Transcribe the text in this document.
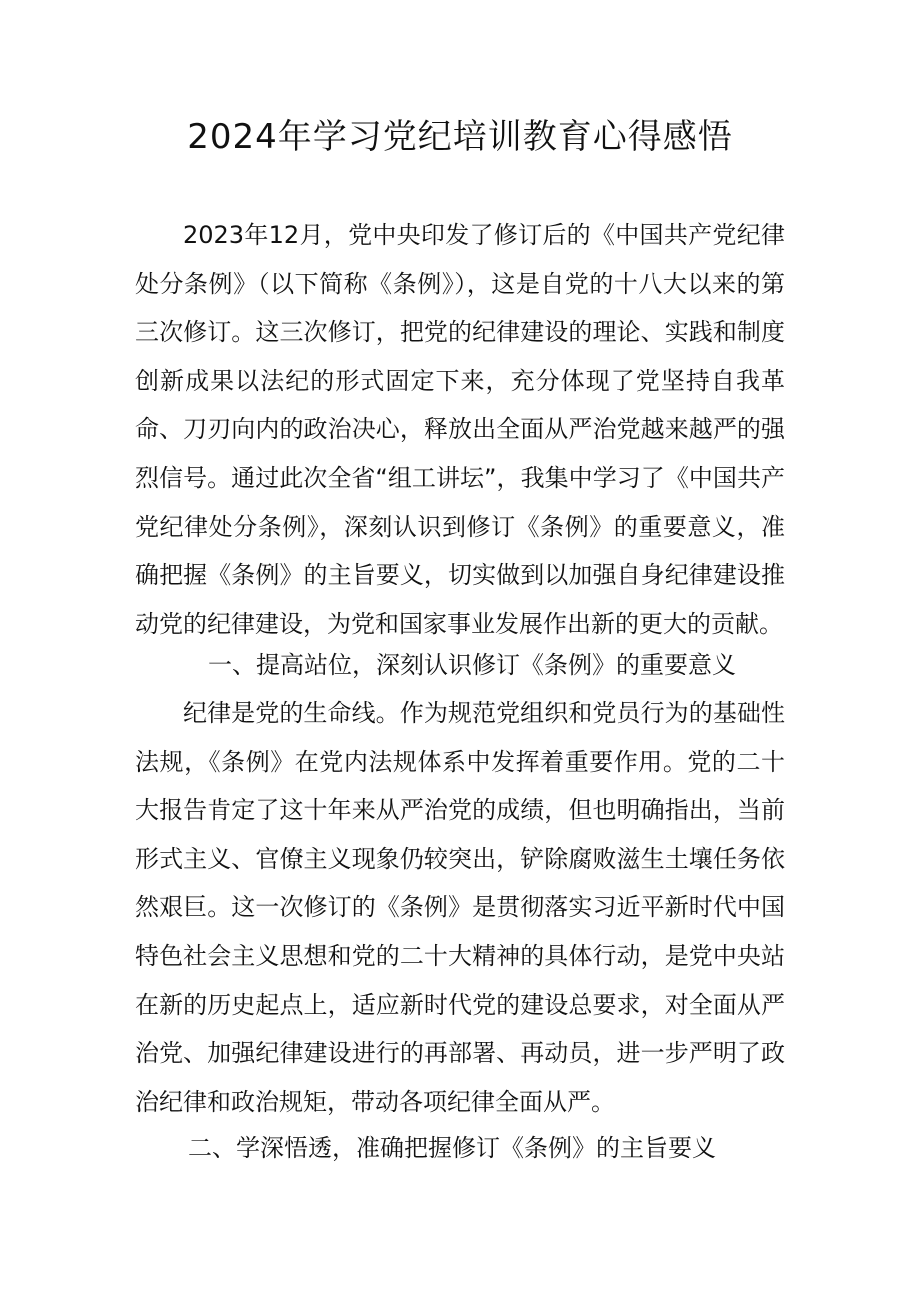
2024年学习党纪培训教育心得感悟

2023年12月，党中央印发了修订后的《中国共产党纪律处分条例》（以下简称《条例》），这是自党的十八大以来的第三次修订。这三次修订，把党的纪律建设的理论、实践和制度创新成果以法纪的形式固定下来，充分体现了党坚持自我革命、刀刃向内的政治决心，释放出全面从严治党越来越严的强烈信号。通过此次全省“组工讲坛”，我集中学习了《中国共产党纪律处分条例》，深刻认识到修订《条例》的重要意义，准确把握《条例》的主旨要义，切实做到以加强自身纪律建设推动党的纪律建设，为党和国家事业发展作出新的更大的贡献。

一、提高站位，深刻认识修订《条例》的重要意义

纪律是党的生命线。作为规范党组织和党员行为的基础性法规，《条例》在党内法规体系中发挥着重要作用。党的二十大报告肯定了这十年来从严治党的成绩，但也明确指出，当前形式主义、官僚主义现象仍较突出，铲除腐败滋生土壤任务依然艰巨。这一次修订的《条例》是贯彻落实习近平新时代中国特色社会主义思想和党的二十大精神的具体行动，是党中央站在新的历史起点上，适应新时代党的建设总要求，对全面从严治党、加强纪律建设进行的再部署、再动员，进一步严明了政治纪律和政治规矩，带动各项纪律全面从严。

二、学深悟透，准确把握修订《条例》的主旨要义
